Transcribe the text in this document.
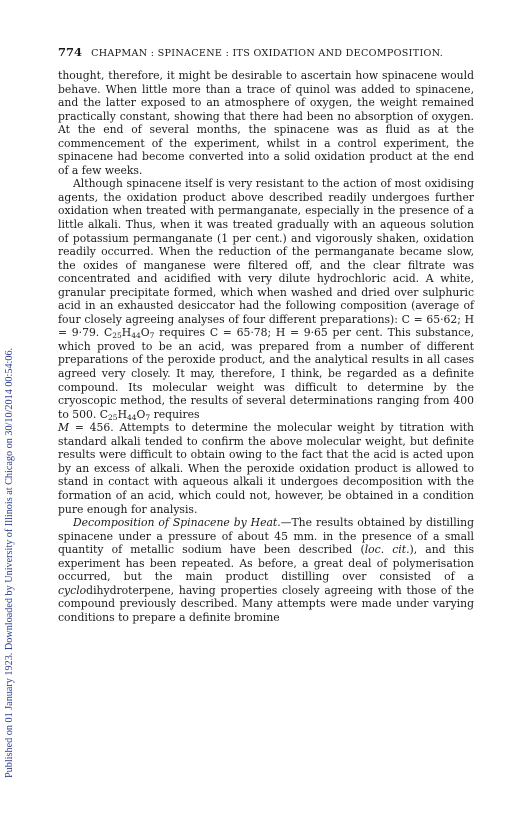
Published on 01 January 1923. Downloaded by University of Illinois at Chicago on 30/10/2014 00:54:06.
774 CHAPMAN : SPINACENE : ITS OXIDATION AND DECOMPOSITION.

thought, therefore, it might be desirable to ascertain how spinacene would behave. When little more than a trace of quinol was added to spinacene, and the latter exposed to an atmosphere of oxygen, the weight remained practically constant, showing that there had been no absorption of oxygen. At the end of several months, the spinacene was as fluid as at the commencement of the experiment, whilst in a control experiment, the spinacene had become converted into a solid oxidation product at the end of a few weeks.

Although spinacene itself is very resistant to the action of most oxidising agents, the oxidation product above described readily undergoes further oxidation when treated with permanganate, especially in the presence of a little alkali. Thus, when it was treated gradually with an aqueous solution of potassium permanganate (1 per cent.) and vigorously shaken, oxidation readily occurred. When the reduction of the permanganate became slow, the oxides of manganese were filtered off, and the clear filtrate was concentrated and acidified with very dilute hydrochloric acid. A white, granular precipitate formed, which when washed and dried over sulphuric acid in an exhausted desiccator had the following composition (average of four closely agreeing analyses of four different preparations): C = 65·62; H = 9·79. $C_{25}H_{44}O_7$ requires C = 65·78; H = 9·65 per cent. This substance, which proved to be an acid, was prepared from a number of different preparations of the peroxide product, and the analytical results in all cases agreed very closely. It may, therefore, I think, be regarded as a definite compound. Its molecular weight was difficult to determine by the cryoscopic method, the results of several determinations ranging from 400 to 500. $C_{25}H_{44}O_7$ requires
M = 456. Attempts to determine the molecular weight by titration with standard alkali tended to confirm the above molecular weight, but definite results were difficult to obtain owing to the fact that the acid is acted upon by an excess of alkali. When the peroxide oxidation product is allowed to stand in contact with aqueous alkali it undergoes decomposition with the formation of an acid, which could not, however, be obtained in a condition pure enough for analysis.

Decomposition of Spinacene by Heat.—The results obtained by distilling spinacene under a pressure of about 45 mm. in the presence of a small quantity of metallic sodium have been described (loc. cit.), and this experiment has been repeated. As before, a great deal of polymerisation occurred, but the main product distilling over consisted of a cyclodihydroterpene, having properties closely agreeing with those of the compound previously described. Many attempts were made under varying conditions to prepare a definite bromine
